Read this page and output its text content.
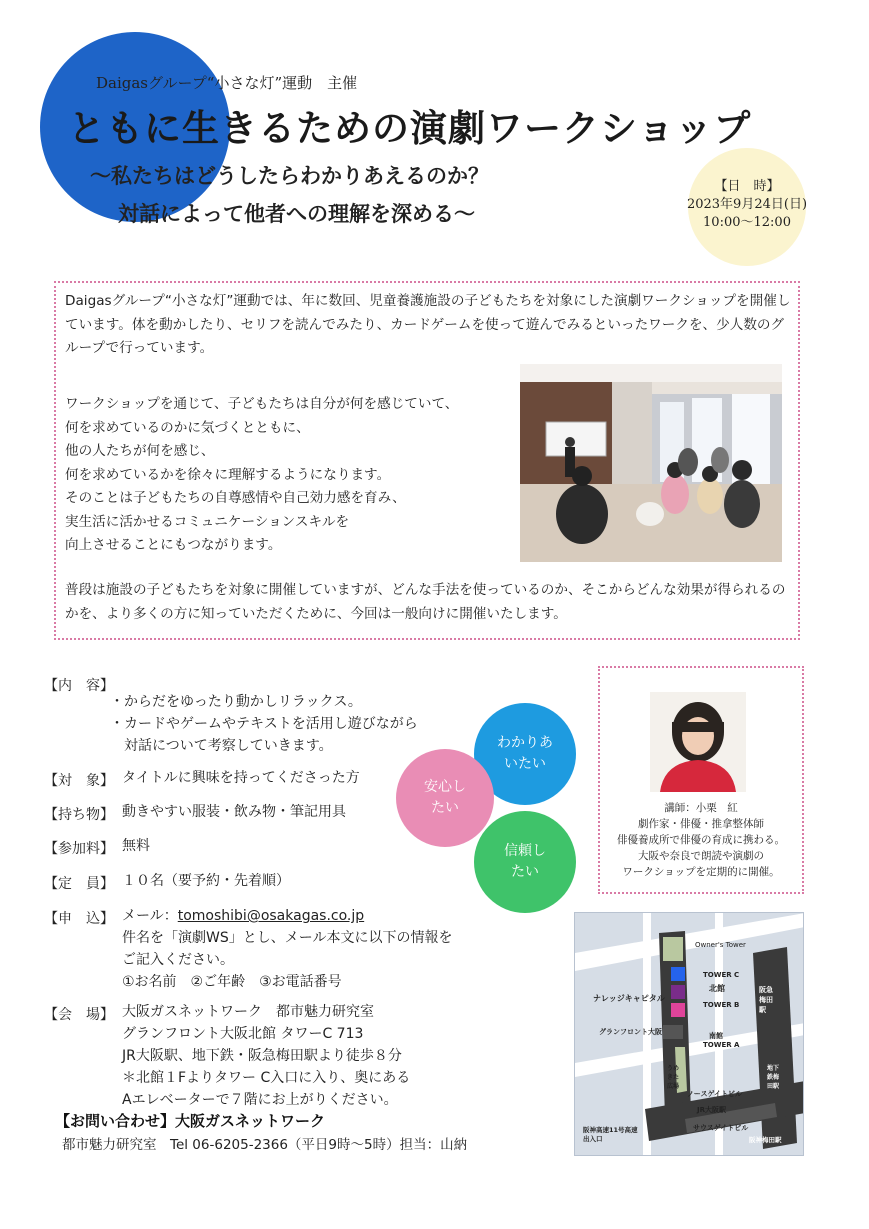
Daigasグループ“小さな灯”運動　主催
ともに生きるための演劇ワークショップ
～私たちはどうしたらわかりあえるのか？
対話によって他者への理解を深める～
【日　時】
2023年9月24日(日)
10:00～12:00
Daigasグループ“小さな灯”運動では、年に数回、児童養護施設の子どもたちを対象にした演劇ワークショップを開催しています。体を動かしたり、セリフを読んでみたり、カードゲームを使って遊んでみるといったワークを、少人数のグループで行っています。
ワークショップを通じて、子どもたちは自分が何を感じていて、
何を求めているのかに気づくとともに、
他の人たちが何を感じ、
何を求めているかを徐々に理解するようになります。
そのことは子どもたちの自尊感情や自己効力感を育み、
実生活に活かせるコミュニケーションスキルを
向上させることにもつながります。
普段は施設の子どもたちを対象に開催していますが、どんな手法を使っているのか、そこからどんな効果が得られるのかを、より多くの方に知っていただくために、今回は一般向けに開催いたします。
【内　容】
・からだをゆったり動かしリラックス。
・カードやゲームやテキストを活用し遊びながら
　対話について考察していきます。
【対　象】 タイトルに興味を持ってくださった方
【持ち物】 動きやすい服装・飲み物・筆記用具
【参加料】 無料
【定　員】 １０名（要予約・先着順）
【申　込】 メール：tomoshibi@osakagas.co.jp
件名を「演劇WS」とし、メール本文に以下の情報を
ご記入ください。
①お名前　②ご年齢　③お電話番号
【会　場】 大阪ガスネットワーク　都市魅力研究室
グランフロント大阪北館 タワーC 713
JR大阪駅、地下鉄・阪急梅田駅より徒歩８分
＊北館１Fよりタワー C入口に入り、奥にある
Aエレベーターで７階にお上がりください。
わかりあ
いたい
安心し
たい
信頼し
たい
講師：小栗　紅
劇作家・俳優・推拿整体師
俳優養成所で俳優の育成に携わる。
大阪や奈良で朗読や演劇の
ワークショップを定期的に開催。
Owner's Tower
TOWER C
北館
TOWER B
南館
TOWER A
ナレッジキャピタル
グランフロント大阪
うめきた広場
ノースゲイトビル
JR大阪駅
サウスゲイトビル
阪急梅田駅
地下鉄梅田駅
阪神高速11号高速出入口	阪神梅田駅
【お問い合わせ】大阪ガスネットワーク
都市魅力研究室　Tel 06-6205-2366（平日9時～5時）担当：山納
